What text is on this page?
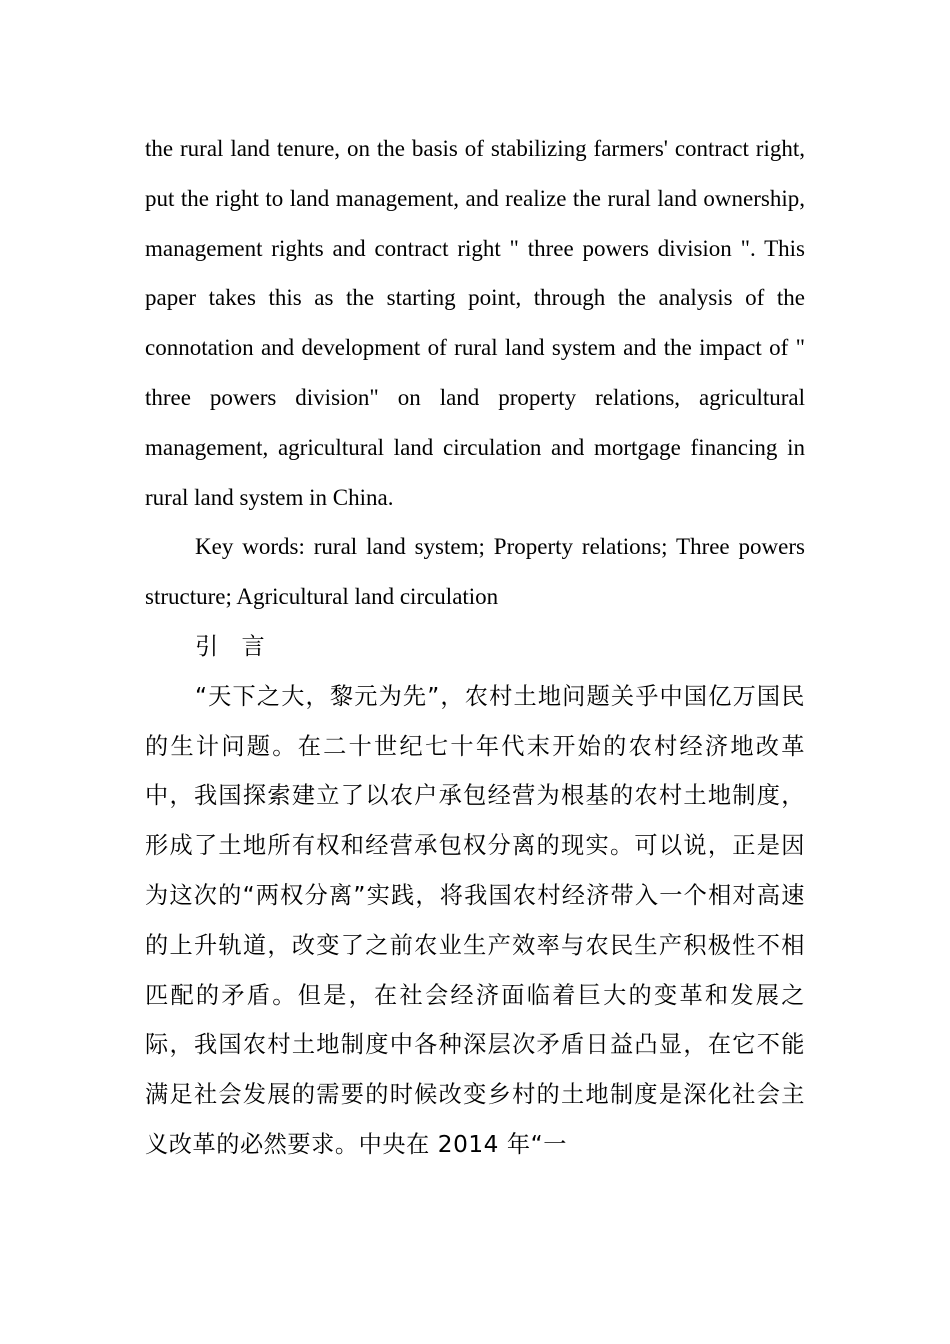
the rural land tenure, on the basis of stabilizing farmers' contract right, put the right to land management, and realize the rural land ownership, management rights and contract right " three powers division ". This paper takes this as the starting point, through the analysis of the connotation and development of rural land system and the impact of " three powers division" on land property relations, agricultural management, agricultural land circulation and mortgage financing in rural land system in China.

Key words: rural land system; Property relations; Three powers structure; Agricultural land circulation

引 言

“天下之大，黎元为先”，农村土地问题关乎中国亿万国民的生计问题。在二十世纪七十年代末开始的农村经济地改革中，我国探索建立了以农户承包经营为根基的农村土地制度，形成了土地所有权和经营承包权分离的现实。可以说，正是因为这次的“两权分离”实践，将我国农村经济带入一个相对高速的上升轨道，改变了之前农业生产效率与农民生产积极性不相匹配的矛盾。但是，在社会经济面临着巨大的变革和发展之际，我国农村土地制度中各种深层次矛盾日益凸显，在它不能满足社会发展的需要的时候改变乡村的土地制度是深化社会主义改革的必然要求。中央在 2014 年“一
